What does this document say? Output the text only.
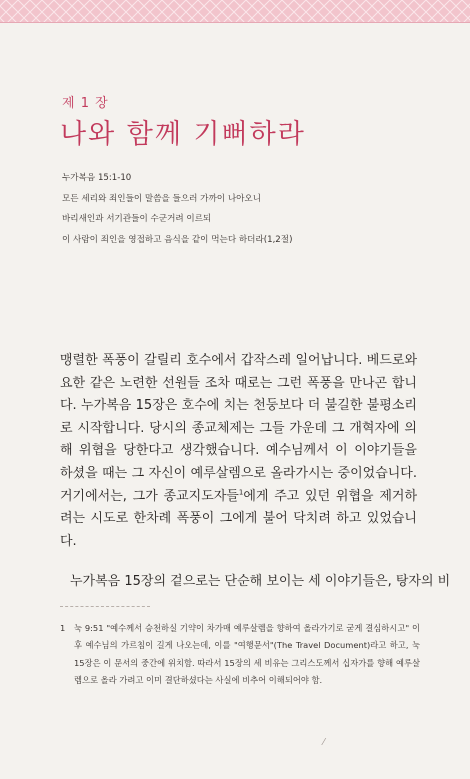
제 1 장
나와 함께 기뻐하라
누가복음 15:1-10
모든 세리와 죄인들이 말씀을 들으러 가까이 나아오니
바리새인과 서기관들이 수군거려 이르되
이 사람이 죄인을 영접하고 음식을 같이 먹는다 하더라(1,2절)

맹렬한 폭풍이 갈릴리 호수에서 갑작스레 일어납니다. 베드로와 요한 같은 노련한 선원들 조차 때로는 그런 폭풍을 만나곤 합니다. 누가복음 15장은 호수에 치는 천둥보다 더 불길한 불평소리로 시작합니다. 당시의 종교체제는 그들 가운데 그 개혁자에 의해 위협을 당한다고 생각했습니다. 예수님께서 이 이야기들을 하셨을 때는 그 자신이 예루살렘으로 올라가시는 중이었습니다. 거기에서는, 그가 종교지도자들$^1$에게 주고 있던 위협을 제거하려는 시도로 한차례 폭풍이 그에게 불어 닥치려 하고 있었습니다.

누가복음 15장의 겉으로는 단순해 보이는 세 이야기들은, 탕자의 비
1 눅 9:51 "예수께서 승천하실 기약이 차가매 예루살렘을 향하여 올라가기로 굳게 결심하시고" 이후 예수님의 가르침이 길게 나오는데, 이를 "여행문서"(The Travel Document)라고 하고, 눅 15장은 이 문서의 중간에 위치함. 따라서 15장의 세 비유는 그리스도께서 십자가를 향해 예루살렘으로 올라 가려고 이미 결단하셨다는 사실에 비추어 이해되어야 함.
⁄
